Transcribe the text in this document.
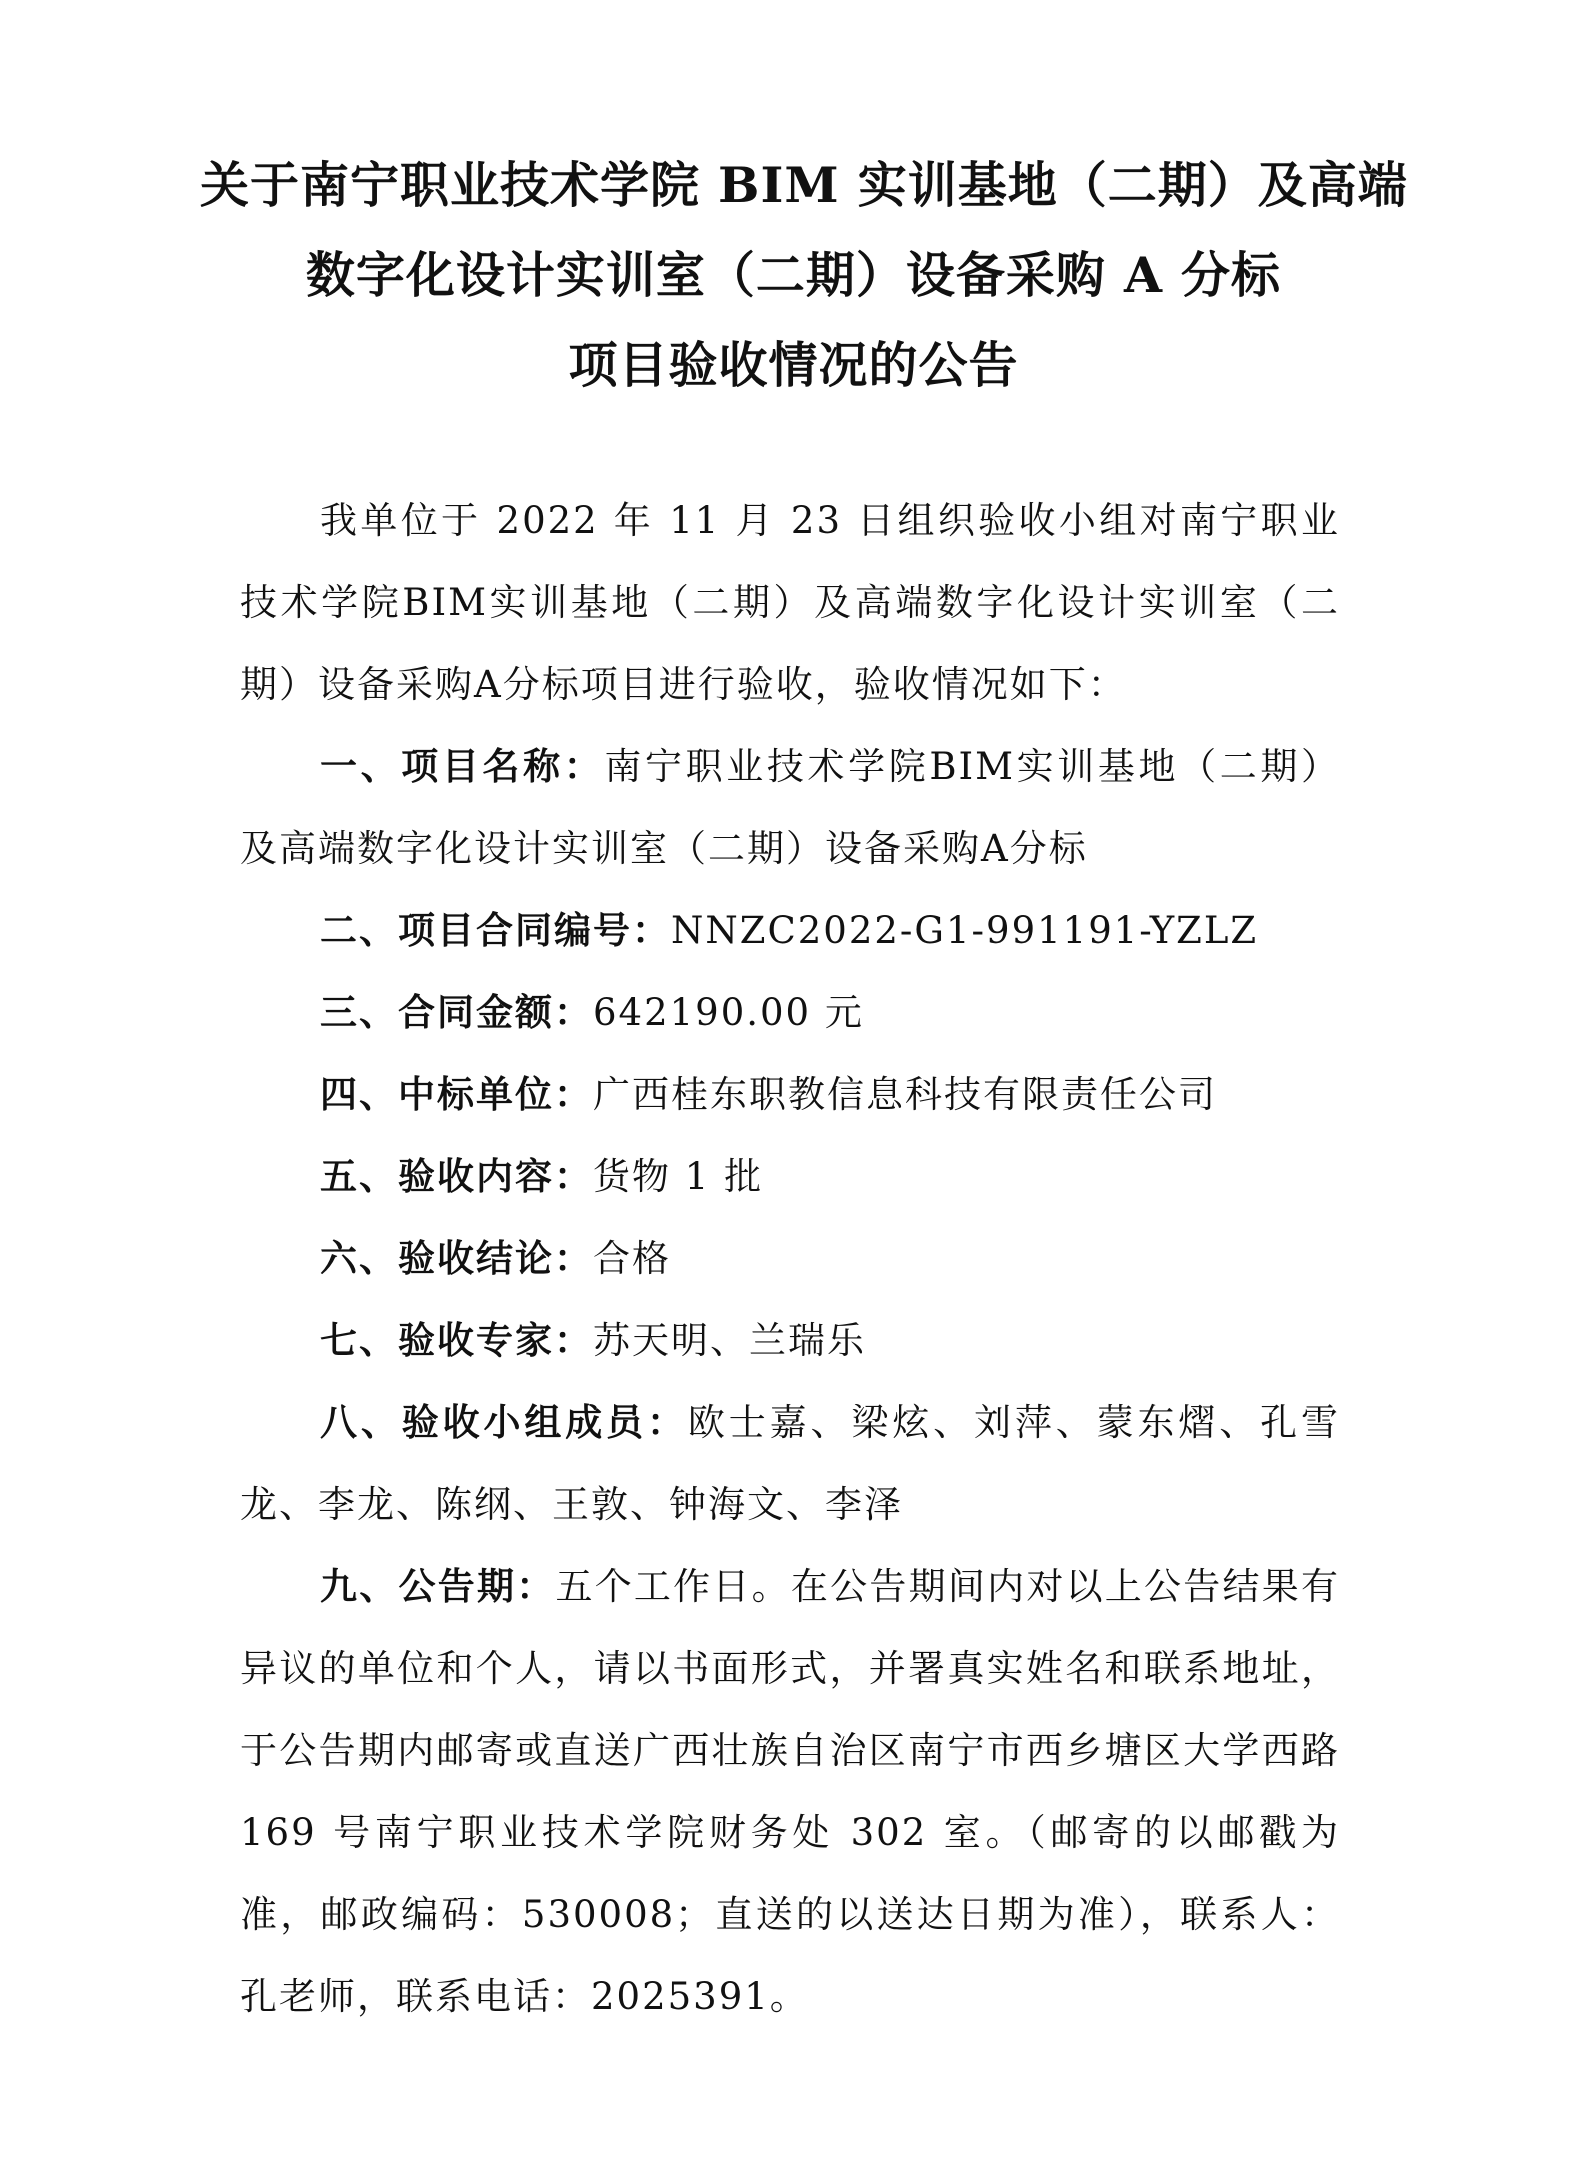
关于南宁职业技术学院 BIM 实训基地（二期）及高端
数字化设计实训室（二期）设备采购 A 分标
项目验收情况的公告

我单位于 2022 年 11 月 23 日组织验收小组对南宁职业技术学院BIM实训基地（二期）及高端数字化设计实训室（二期）设备采购A分标项目进行验收，验收情况如下：

一、项目名称：南宁职业技术学院BIM实训基地（二期）及高端数字化设计实训室（二期）设备采购A分标

二、项目合同编号：NNZC2022-G1-991191-YZLZ

三、合同金额：642190.00 元

四、中标单位：广西桂东职教信息科技有限责任公司

五、验收内容：货物 1 批

六、验收结论：合格

七、验收专家：苏天明、兰瑞乐

八、验收小组成员：欧士嘉、梁炫、刘萍、蒙东熠、孔雪龙、李龙、陈纲、王敦、钟海文、李泽

九、公告期：五个工作日。在公告期间内对以上公告结果有异议的单位和个人，请以书面形式，并署真实姓名和联系地址，于公告期内邮寄或直送广西壮族自治区南宁市西乡塘区大学西路 169 号南宁职业技术学院财务处 302 室。（邮寄的以邮戳为准，邮政编码：530008；直送的以送达日期为准），联系人：孔老师，联系电话：2025391。
